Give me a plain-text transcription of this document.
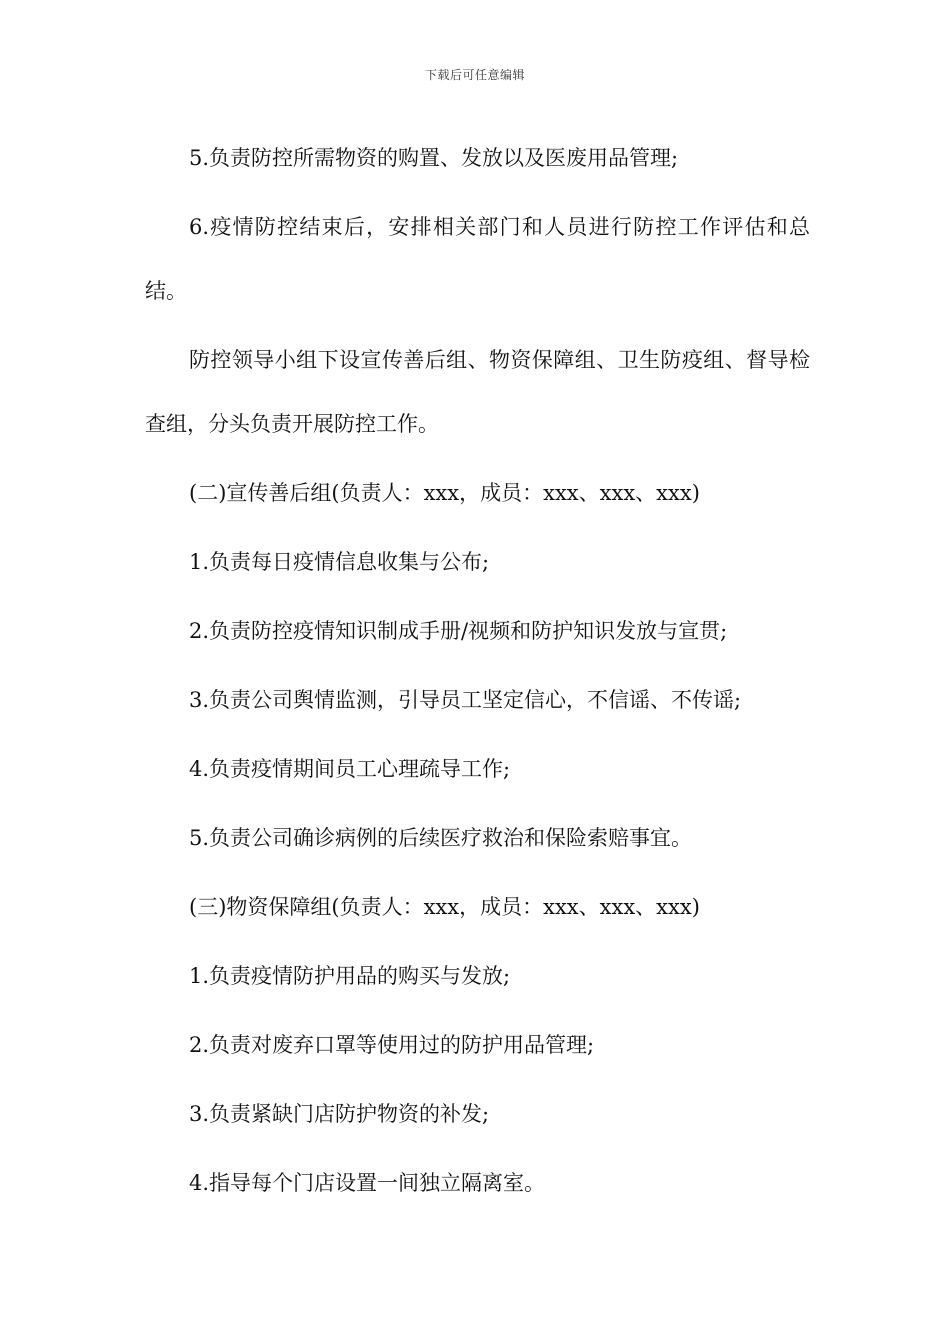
下载后可任意编辑

5.负责防控所需物资的购置、发放以及医废用品管理;

6.疫情防控结束后，安排相关部门和人员进行防控工作评估和总结。

防控领导小组下设宣传善后组、物资保障组、卫生防疫组、督导检查组，分头负责开展防控工作。

(二)宣传善后组(负责人：xxx，成员：xxx、xxx、xxx)

1.负责每日疫情信息收集与公布;

2.负责防控疫情知识制成手册/视频和防护知识发放与宣贯;

3.负责公司舆情监测，引导员工坚定信心，不信谣、不传谣;

4.负责疫情期间员工心理疏导工作;

5.负责公司确诊病例的后续医疗救治和保险索赔事宜。

(三)物资保障组(负责人：xxx，成员：xxx、xxx、xxx)

1.负责疫情防护用品的购买与发放;

2.负责对废弃口罩等使用过的防护用品管理;

3.负责紧缺门店防护物资的补发;

4.指导每个门店设置一间独立隔离室。
